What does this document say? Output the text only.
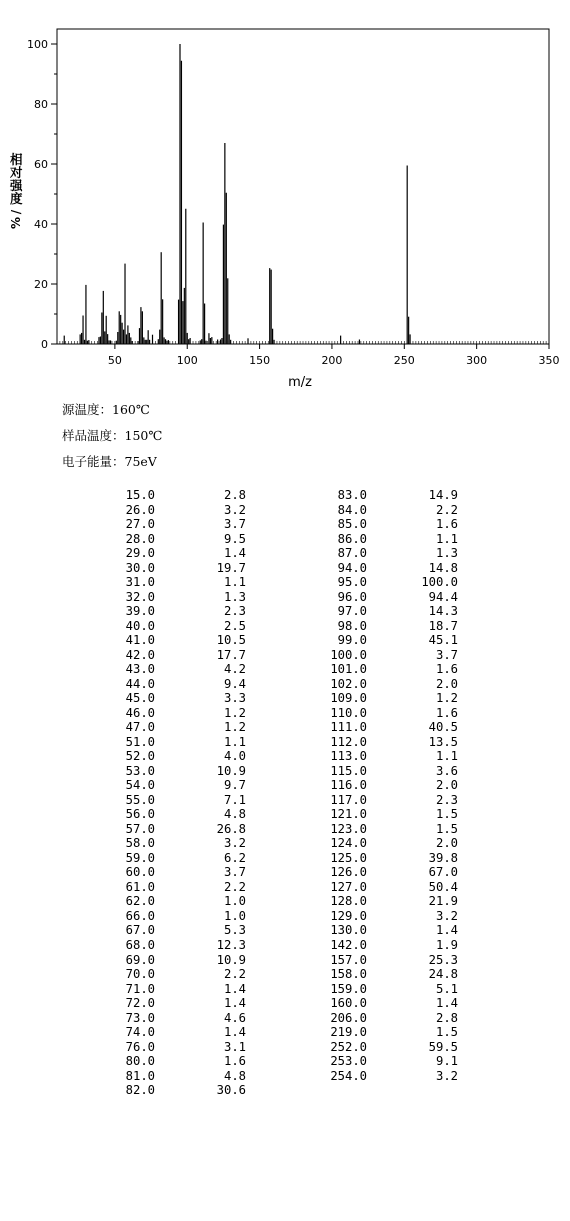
50	100	150	200	250	300	350
0
20
40
60
80
100
m/z
相对强度
/
%
源温度：160℃
样品温度：150℃
电子能量：75eV
15.0	2.8
26.0	3.2
27.0	3.7
28.0	9.5
29.0	1.4
30.0	19.7
31.0	1.1
32.0	1.3
39.0	2.3
40.0	2.5
41.0	10.5
42.0	17.7
43.0	4.2
44.0	9.4
45.0	3.3
46.0	1.2
47.0	1.2
51.0	1.1
52.0	4.0
53.0	10.9
54.0	9.7
55.0	7.1
56.0	4.8
57.0	26.8
58.0	3.2
59.0	6.2
60.0	3.7
61.0	2.2
62.0	1.0
66.0	1.0
67.0	5.3
68.0	12.3
69.0	10.9
70.0	2.2
71.0	1.4
72.0	1.4
73.0	4.6
74.0	1.4
76.0	3.1
80.0	1.6
81.0	4.8
82.0	30.6
83.0	14.9
84.0	2.2
85.0	1.6
86.0	1.1
87.0	1.3
94.0	14.8
95.0	100.0
96.0	94.4
97.0	14.3
98.0	18.7
99.0	45.1
100.0	3.7
101.0	1.6
102.0	2.0
109.0	1.2
110.0	1.6
111.0	40.5
112.0	13.5
113.0	1.1
115.0	3.6
116.0	2.0
117.0	2.3
121.0	1.5
123.0	1.5
124.0	2.0
125.0	39.8
126.0	67.0
127.0	50.4
128.0	21.9
129.0	3.2
130.0	1.4
142.0	1.9
157.0	25.3
158.0	24.8
159.0	5.1
160.0	1.4
206.0	2.8
219.0	1.5
252.0	59.5
253.0	9.1
254.0	3.2
